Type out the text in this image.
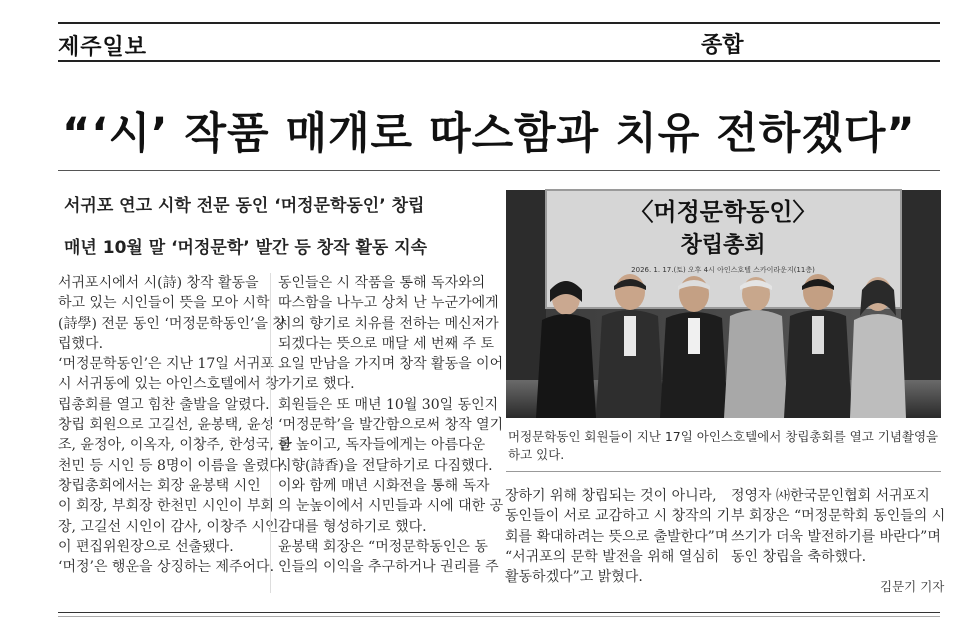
제주일보	종합
“‘시’ 작품 매개로 따스함과 치유 전하겠다”
서귀포 연고 시학 전문 동인 ‘머정문학동인’ 창립
매년 10월 말 ‘머정문학’ 발간 등 창작 활동 지속

서귀포시에서 시(詩) 창작 활동을

하고 있는 시인들이 뜻을 모아 시학

(詩學) 전문 동인 ‘머정문학동인’을 창

립했다.

‘머정문학동인’은 지난 17일 서귀포

시 서귀동에 있는 아인스호텔에서 창

립총회를 열고 힘찬 출발을 알렸다.

창립 회원으로 고길선, 윤봉택, 윤성

조, 윤정아, 이옥자, 이창주, 한성국, 한

천민 등 시인 등 8명이 이름을 올렸다.

창립총회에서는 회장 윤봉택 시인

이 회장, 부회장 한천민 시인이 부회

장, 고길선 시인이 감사, 이창주 시인

이 편집위원장으로 선출됐다.

‘머정’은 행운을 상징하는 제주어다.

동인들은 시 작품을 통해 독자와의

따스함을 나누고 상처 난 누군가에게

시의 향기로 치유를 전하는 메신저가

되겠다는 뜻으로 매달 세 번째 주 토

요일 만남을 가지며 창작 활동을 이어

가기로 했다.

회원들은 또 매년 10월 30일 동인지

‘머정문학’을 발간함으로써 창작 열기

를 높이고, 독자들에게는 아름다운

시향(詩香)을 전달하기로 다짐했다.

이와 함께 매년 시화전을 통해 독자

의 눈높이에서 시민들과 시에 대한 공

감대를 형성하기로 했다.

윤봉택 회장은 “머정문학동인은 동

인들의 이익을 추구하거나 권리를 주

〈머정문학동인〉
창립총회
2026. 1. 17.(토) 오후 4시 아인스호텔 스카이라운지(11층)
머정문학동인 회원들이 지난 17일 아인스호텔에서 창립총회를 열고 기념촬영을 하고 있다.

장하기 위해 창립되는 것이 아니라,

동인들이 서로 교감하고 시 창작의 기

회를 확대하려는 뜻으로 출발한다”며

“서귀포의 문학 발전을 위해 열심히

활동하겠다”고 밝혔다.

정영자 ㈔한국문인협회 서귀포지

부 회장은 “머정문학회 동인들의 시

쓰기가 더욱 발전하기를 바란다”며

동인 창립을 축하했다.

김문기 기자
